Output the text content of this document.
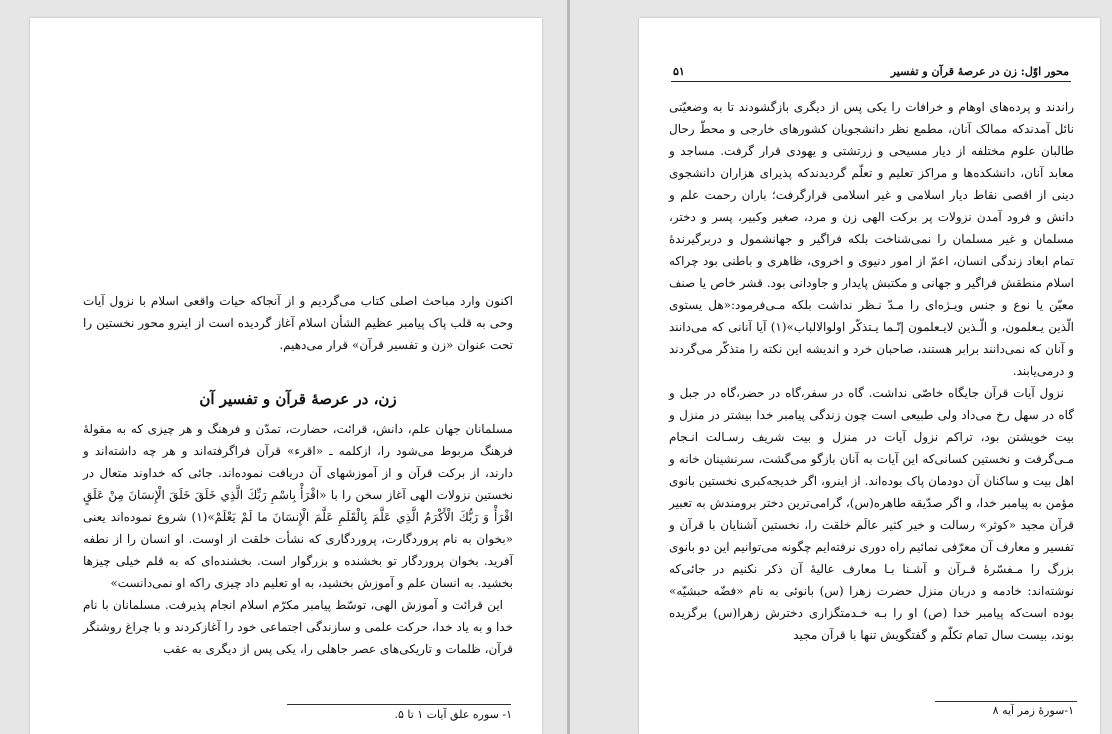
اکنون وارد مباحث اصلی کتاب می‌گردیم و از آنجاکه حیات واقعی اسلام با نزول آیات وحی به قلب پاک پیامبر عظیم الشأن اسلام آغاز گردیده است از اینرو محور نخستین را تحت عنوان «زن و تفسیر قرآن» قرار می‌دهیم.

زن، در عرصهٔ قرآن و تفسیر آن

مسلمانان جهان علم، دانش، قرائت، حضارت، تمدّن و فرهنگ و هر چیزی که به مقولهٔ فرهنگ مربوط می‌شود را، ازکلمه ـ «اقرء» قرآن فراگرفته‌اند و هر چه داشته‌اند و دارند، از برکت قرآن و از آموزشهای آن دریافت نموده‌اند. جائی که خداوند متعال در نخستین نزولات الهی آغاز سخن را با «اقْرَأْ بِاسْمِ رَبِّكَ الَّذِي خَلَقَ خَلَقَ الْإِنسَانَ مِنْ عَلَقٍ اقْرَأْ وَ رَبُّكَ الْأَكْرَمُ الَّذِي عَلَّمَ بِالْقَلَمِ عَلَّمَ الْإِنسَانَ ما لَمْ يَعْلَمْ»(۱) شروع نموده‌اند یعنی «بخوان به نام پروردگارت، پروردگاری که نشأت خلقت از اوست. او انسان را از نطفه آفرید. بخوان پروردگار تو بخشنده و بزرگوار است. بخشنده‌ای که به قلم خیلی چیزها بخشید. به انسان علم و آموزش بخشید، به او تعلیم داد چیزی راکه او نمی‌دانست»

این قرائت و آموزش الهی، توسّط پیامبر مکرّم اسلام انجام پذیرفت. مسلمانان با نام خدا و به یاد خدا، حرکت علمی و سازندگی اجتماعی خود را آغازکردند و با چراغ روشنگر قرآن، ظلمات و تاریکی‌های عصر جاهلی را، یکی پس از دیگری به عقب

۱- سوره علق آیات ۱ تا ۵.
محور اوّل: زن در عرصهٔ قرآن و تفسیر
۵۱

راندند و پرده‌های اوهام و خرافات را یکی پس از دیگری بازگشودند تا به وضعیّتی نائل آمدندکه ممالک آنان، مطمع نظر دانشجویان کشورهای خارجی و محطّ رحال طالبان علوم مختلفه از دیار مسیحی و زرتشتی و یهودی قرار گرفت. مساجد و معابد آنان، دانشکده‌ها و مراکز تعلیم و تعلّم گردیدندکه پذیرای هزاران دانشجوی دینی از اقصی نقاط دیار اسلامی و غیر اسلامی قرارگرفت؛ باران رحمت علم و دانش و فرود آمدن نزولات پر برکت الهی زن و مرد، صغیر وکبیر، پسر و دختر، مسلمان و غیر مسلمان را نمی‌شناخت بلکه فراگیر و جهانشمول و دربرگیرندهٔ تمام ابعاد زندگی انسان، اعمّ از امور دنیوی و اخروی، ظاهری و باطنی بود چراکه اسلام منطقش فراگیر و جهانی و مکتبش پایدار و جاودانی بود. قشر خاص یا صنف معیّن یا نوع و جنس ویـژه‌ای را مـدّ نـظر نداشت بلکه مـی‌فرمود:«هل یستوی الّذین یـعلمون، و الّـذین لایـعلمون إنّـما یـتذکّر اولوالالباب»(۱) آیا آنانی که می‌دانند و آنان که نمی‌دانند برابر هستند، صاحبان خرد و اندیشه این نکته را متذکّر می‌گردند و درمی‌یابند.

نزول آیات قرآن جایگاه خاصّی نداشت. گاه در سفر،گاه در حضر،گاه در جبل و گاه در سهل رخ می‌داد ولی طبیعی است چون زندگی پیامبر خدا بیشتر در منزل و بیت خویشتن بود، تراکم نزول آیات در منزل و بیت شریف رسـالت انـجام مـی‌گرفت و نخستین کسانی‌که این آیات به آنان بازگو می‌گشت، سرنشینان خانه و اهل بیت و ساکنان آن دودمان پاک بوده‌اند. از اینرو، اگر خدیجه‌کبری نخستین بانوی مؤمن به پیامبر خدا، و اگر صدّیقه طاهره(س)، گرامی‌ترین دختر برومندش به تعبیر قرآن مجید «کوثر» رسالت و خیر کثیر عالَم خلقت را، نخستین آشنایان با قرآن و تفسیر و معارف آن معرّفی نمائیم راه دوری نرفته‌ایم چگونه می‌توانیم این دو بانوی بزرگ را مـفسّرهٔ قـرآن و آشـنا بـا معارف عالیهٔ آن ذکر نکنیم در جائی‌که نوشته‌اند: خادمه و دربان منزل حضرت زهرا (س) بانوئی به نام «فضّه حبشیّه» بوده است‌که پیامبر خدا (ص) او را بـه خـدمتگزاری دخترش زهرا(س) برگزیده بوند، بیست سال تمام تکلّم و گفتگویش تنها با قرآن مجید

۱-سورهٔ زمر آیه ۸
